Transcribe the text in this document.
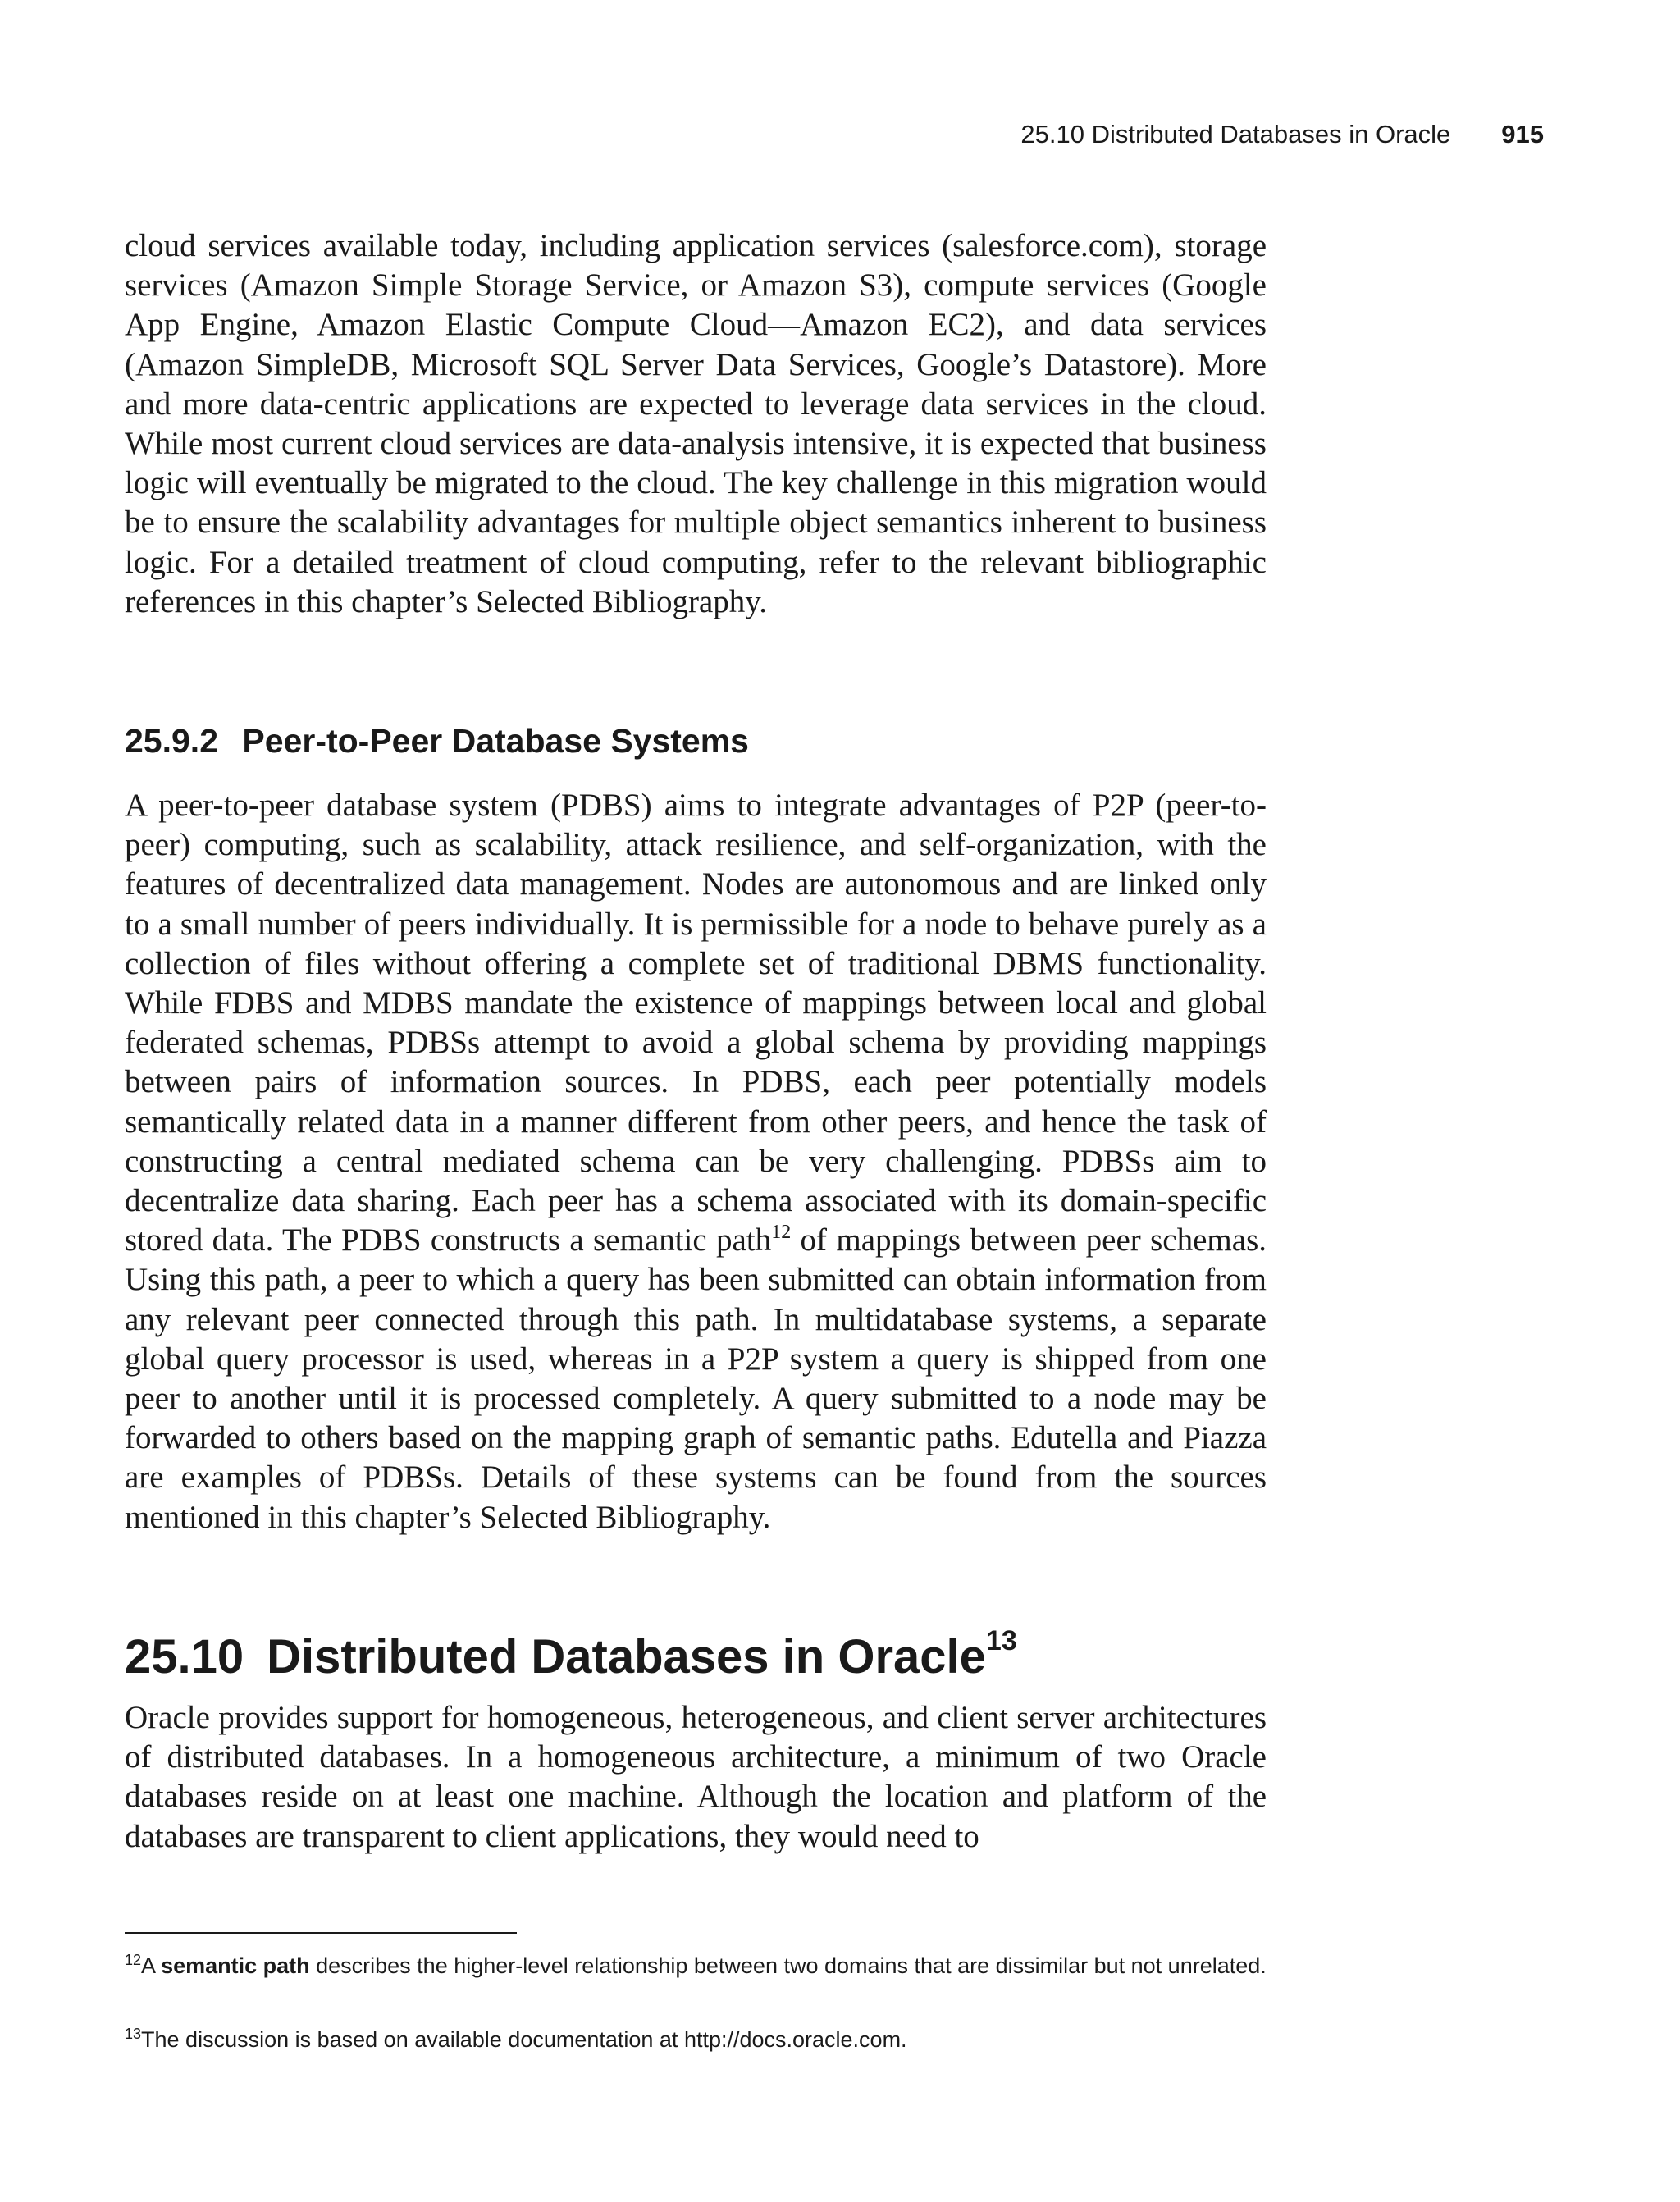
25.10 Distributed Databases in Oracle 915

cloud services available today, including application services (salesforce.com), storage services (Amazon Simple Storage Service, or Amazon S3), compute services (Google App Engine, Amazon Elastic Compute Cloud—Amazon EC2), and data services (Amazon SimpleDB, Microsoft SQL Server Data Services, Google’s Datastore). More and more data-centric applications are expected to leverage data services in the cloud. While most current cloud services are data-analysis intensive, it is expected that business logic will eventually be migrated to the cloud. The key challenge in this migration would be to ensure the scalability advantages for multiple object semantics inherent to business logic. For a detailed treatment of cloud computing, refer to the relevant bibliographic references in this chapter’s Selected Bibliography.

25.9.2 Peer-to-Peer Database Systems

A peer-to-peer database system (PDBS) aims to integrate advantages of P2P (peer-to-peer) computing, such as scalability, attack resilience, and self-organization, with the features of decentralized data management. Nodes are autonomous and are linked only to a small number of peers individually. It is permissible for a node to behave purely as a collection of files without offering a complete set of traditional DBMS functionality. While FDBS and MDBS mandate the existence of mappings between local and global federated schemas, PDBSs attempt to avoid a global schema by providing mappings between pairs of information sources. In PDBS, each peer potentially models semantically related data in a manner different from other peers, and hence the task of constructing a central mediated schema can be very challenging. PDBSs aim to decentralize data sharing. Each peer has a schema associated with its domain-specific stored data. The PDBS constructs a semantic path$^{12}$ of mappings between peer schemas. Using this path, a peer to which a query has been submitted can obtain information from any relevant peer connected through this path. In multidatabase systems, a separate global query processor is used, whereas in a P2P system a query is shipped from one peer to another until it is processed completely. A query submitted to a node may be forwarded to others based on the mapping graph of semantic paths. Edutella and Piazza are examples of PDBSs. Details of these systems can be found from the sources mentioned in this chapter’s Selected Bibliography.

25.10 Distributed Databases in Oracle$^{13}$

Oracle provides support for homogeneous, heterogeneous, and client server architectures of distributed databases. In a homogeneous architecture, a minimum of two Oracle databases reside on at least one machine. Although the location and platform of the databases are transparent to client applications, they would need to

$^{12}$A semantic path describes the higher-level relationship between two domains that are dissimilar but not unrelated.

$^{13}$The discussion is based on available documentation at http://docs.oracle.com.
